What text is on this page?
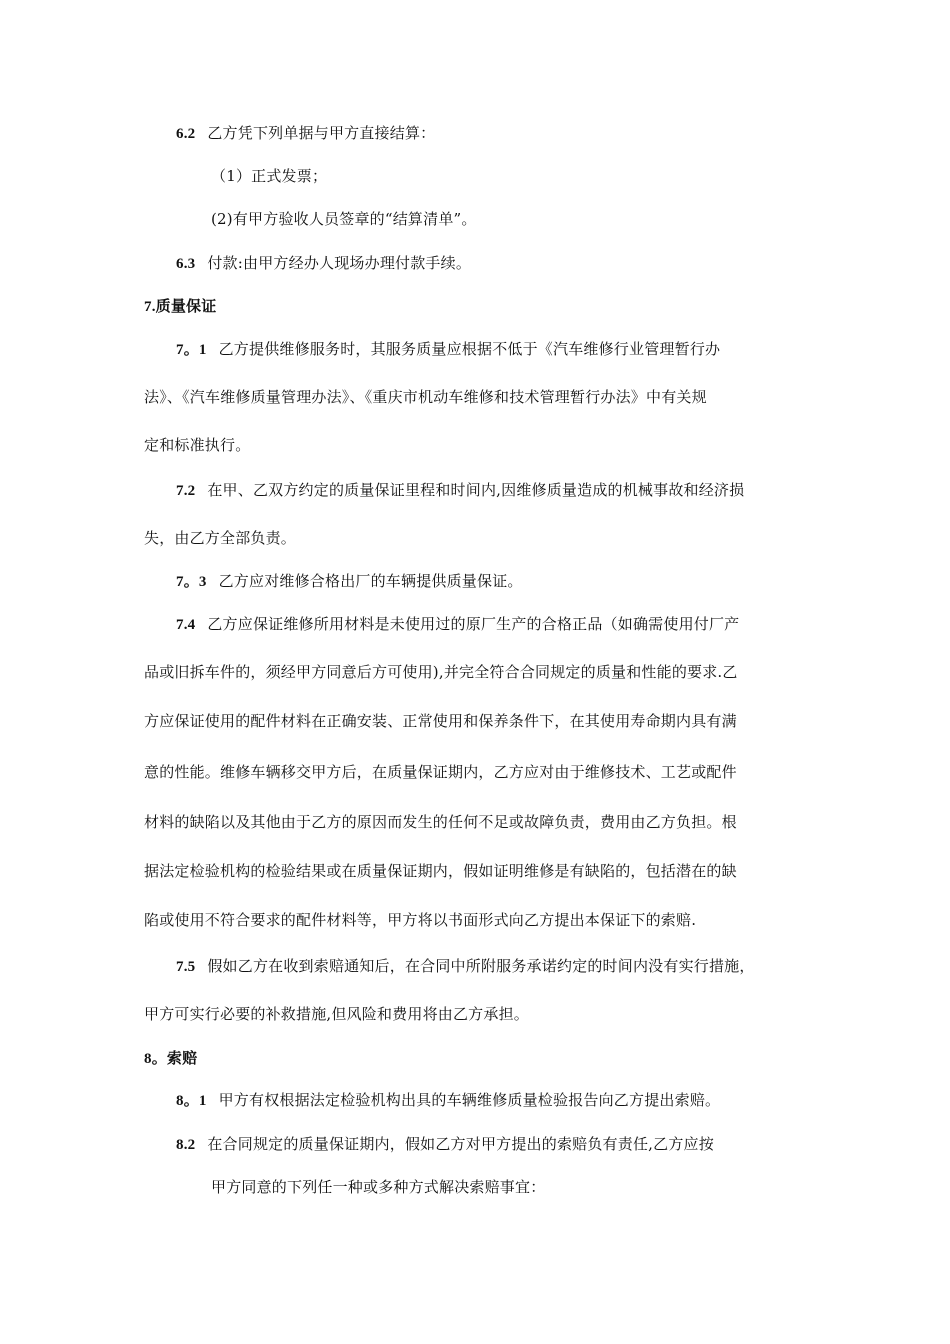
6.2 乙方凭下列单据与甲方直接结算：
（1）正式发票；
(2)有甲方验收人员签章的“结算清单”。
6.3 付款:由甲方经办人现场办理付款手续。
7.质量保证
7。1 乙方提供维修服务时，其服务质量应根据不低于《汽车维修行业管理暂行办
法》、《汽车维修质量管理办法》、《重庆市机动车维修和技术管理暂行办法》中有关规
定和标准执行。
7.2 在甲、乙双方约定的质量保证里程和时间内,因维修质量造成的机械事故和经济损
失，由乙方全部负责。
7。3 乙方应对维修合格出厂的车辆提供质量保证。
7.4 乙方应保证维修所用材料是未使用过的原厂生产的合格正品（如确需使用付厂产
品或旧拆车件的，须经甲方同意后方可使用),并完全符合合同规定的质量和性能的要求.乙
方应保证使用的配件材料在正确安装、正常使用和保养条件下，在其使用寿命期内具有满
意的性能。维修车辆移交甲方后，在质量保证期内，乙方应对由于维修技术、工艺或配件
材料的缺陷以及其他由于乙方的原因而发生的任何不足或故障负责，费用由乙方负担。根
据法定检验机构的检验结果或在质量保证期内，假如证明维修是有缺陷的，包括潜在的缺
陷或使用不符合要求的配件材料等，甲方将以书面形式向乙方提出本保证下的索赔.
7.5 假如乙方在收到索赔通知后，在合同中所附服务承诺约定的时间内没有实行措施，
甲方可实行必要的补救措施,但风险和费用将由乙方承担。
8。索赔
8。1 甲方有权根据法定检验机构出具的车辆维修质量检验报告向乙方提出索赔。
8.2 在合同规定的质量保证期内，假如乙方对甲方提出的索赔负有责任,乙方应按
甲方同意的下列任一种或多种方式解决索赔事宜：
